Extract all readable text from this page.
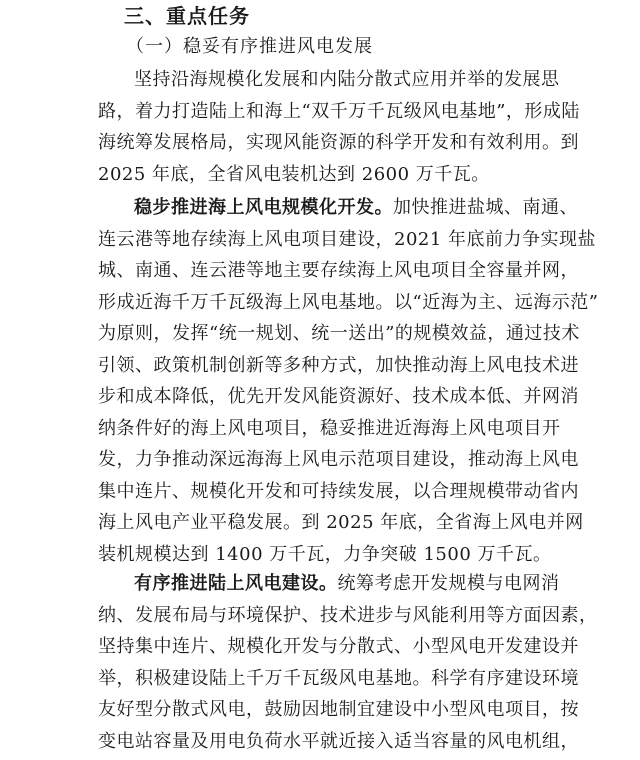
三、重点任务
（一）稳妥有序推进风电发展
坚持沿海规模化发展和内陆分散式应用并举的发展思
路，着力打造陆上和海上“双千万千瓦级风电基地”，形成陆
海统筹发展格局，实现风能资源的科学开发和有效利用。到
2025 年底，全省风电装机达到 2600 万千瓦。
稳步推进海上风电规模化开发。加快推进盐城、南通、
连云港等地存续海上风电项目建设，2021 年底前力争实现盐
城、南通、连云港等地主要存续海上风电项目全容量并网，
形成近海千万千瓦级海上风电基地。以“近海为主、远海示范”
为原则，发挥“统一规划、统一送出”的规模效益，通过技术
引领、政策机制创新等多种方式，加快推动海上风电技术进
步和成本降低，优先开发风能资源好、技术成本低、并网消
纳条件好的海上风电项目，稳妥推进近海海上风电项目开
发，力争推动深远海海上风电示范项目建设，推动海上风电
集中连片、规模化开发和可持续发展，以合理规模带动省内
海上风电产业平稳发展。到 2025 年底，全省海上风电并网
装机规模达到 1400 万千瓦，力争突破 1500 万千瓦。
有序推进陆上风电建设。统筹考虑开发规模与电网消
纳、发展布局与环境保护、技术进步与风能利用等方面因素，
坚持集中连片、规模化开发与分散式、小型风电开发建设并
举，积极建设陆上千万千瓦级风电基地。科学有序建设环境
友好型分散式风电，鼓励因地制宜建设中小型风电项目，按
变电站容量及用电负荷水平就近接入适当容量的风电机组，
